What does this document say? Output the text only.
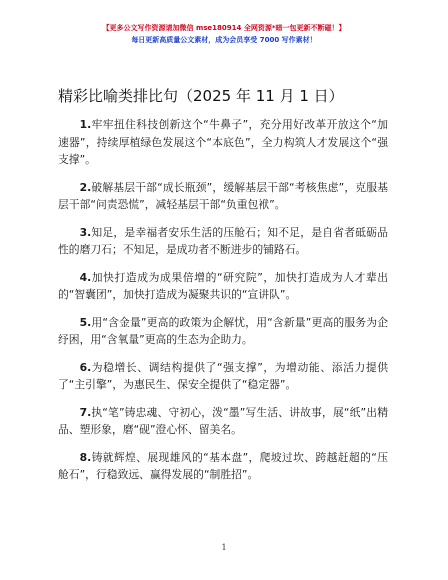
【更多公文写作资源请加微信 mse180914 全网资源*暗一包更新不断磁！】
每日更新高质量公文素材，成为会员享受 7000 写作素材！
精彩比喻类排比句（2025 年 11 月 1 日）

1.牢牢扭住科技创新这个“牛鼻子”，充分用好改革开放这个“加速器”，持续厚植绿色发展这个“本底色”，全力构筑人才发展这个“强支撑”。

2.破解基层干部“成长瓶颈”，缓解基层干部“考核焦虑”，克服基层干部“问责恐慌”，减轻基层干部“负重包袱”。

3.知足，是幸福者安乐生活的压舱石；知不足，是自省者砥砺品性的磨刀石；不知足，是成功者不断进步的铺路石。

4.加快打造成为成果倍增的“研究院”，加快打造成为人才辈出的“智囊团”，加快打造成为凝聚共识的“宣讲队”。

5.用“含金量”更高的政策为企解忧，用“含新量”更高的服务为企纾困，用“含氧量”更高的生态为企助力。

6.为稳增长、调结构提供了“强支撑”，为增动能、添活力提供了“主引擎”，为惠民生、保安全提供了“稳定器”。

7.执“笔”铸忠魂、守初心，泼“墨”写生活、讲故事，展“纸”出精品、塑形象，磨“砚”澄心怀、留美名。

8.铸就辉煌、展现雄风的“基本盘”，爬坡过坎、跨越赶超的“压舱石”，行稳致远、赢得发展的“制胜招”。

1
